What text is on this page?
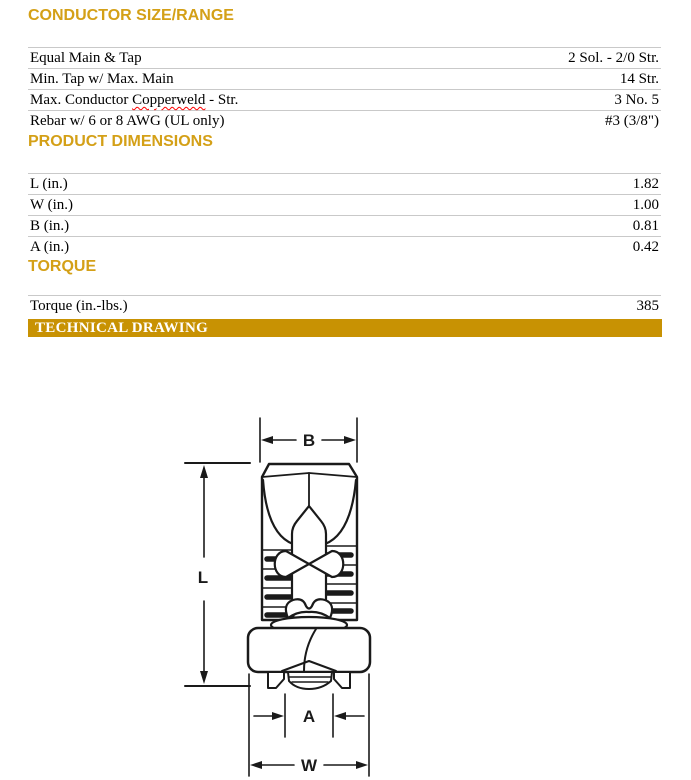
CONDUCTOR SIZE/RANGE
Equal Main & Tap	2 Sol. - 2/0 Str.
Min. Tap w/ Max. Main	14 Str.
Max. Conductor Copperweld - Str.	3 No. 5
Rebar w/ 6 or 8 AWG (UL only)	#3 (3/8")
PRODUCT DIMENSIONS
L (in.)	1.82
W (in.)	1.00
B (in.)	0.81
A (in.)	0.42
TORQUE
Torque (in.-lbs.)	385
TECHNICAL DRAWING
B
L
A
W
